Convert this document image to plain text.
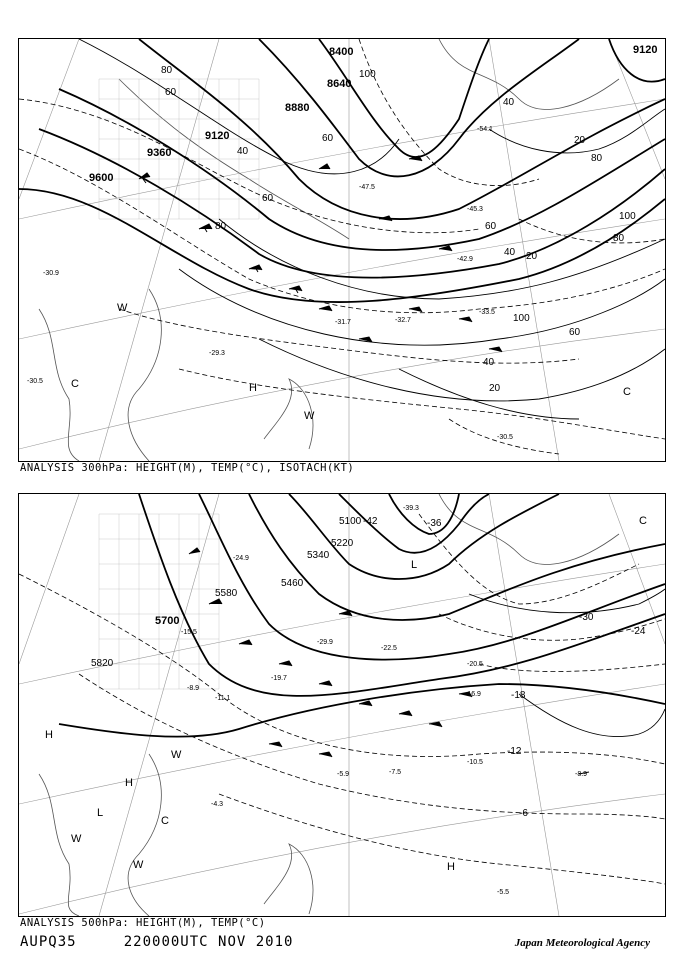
9600
9360
9120
8880
8640
8400	9120
80
60
40
60
80
100
60
40
20
100
80
60
40 20
100
80
60
40
20
-30.5
-29.3
-31.7	-32.7
-33.5
-47.5
-54.1
-45.3
-42.9
-30.9
-30.5
W
C	H
W
C
ANALYSIS 300hPa: HEIGHT(M), TEMP(°C), ISOTACH(KT)
5820
5700
5580
5460
5340
5220
5100 -42	-36
-30
-24
-18
-12
-6
-24.9
-15.5
-8.9
-11.1
-19.7
-22.5
-20.5
-16.9
-10.5
-8.9
-7.5
-5.9
-4.3
-5.5
-29.9
-39.3
H
H
L
C
W
W
W
C
L
H
ANALYSIS 500hPa: HEIGHT(M), TEMP(°C)
AUPQ35	220000UTC NOV 2010	Japan Meteorological Agency
